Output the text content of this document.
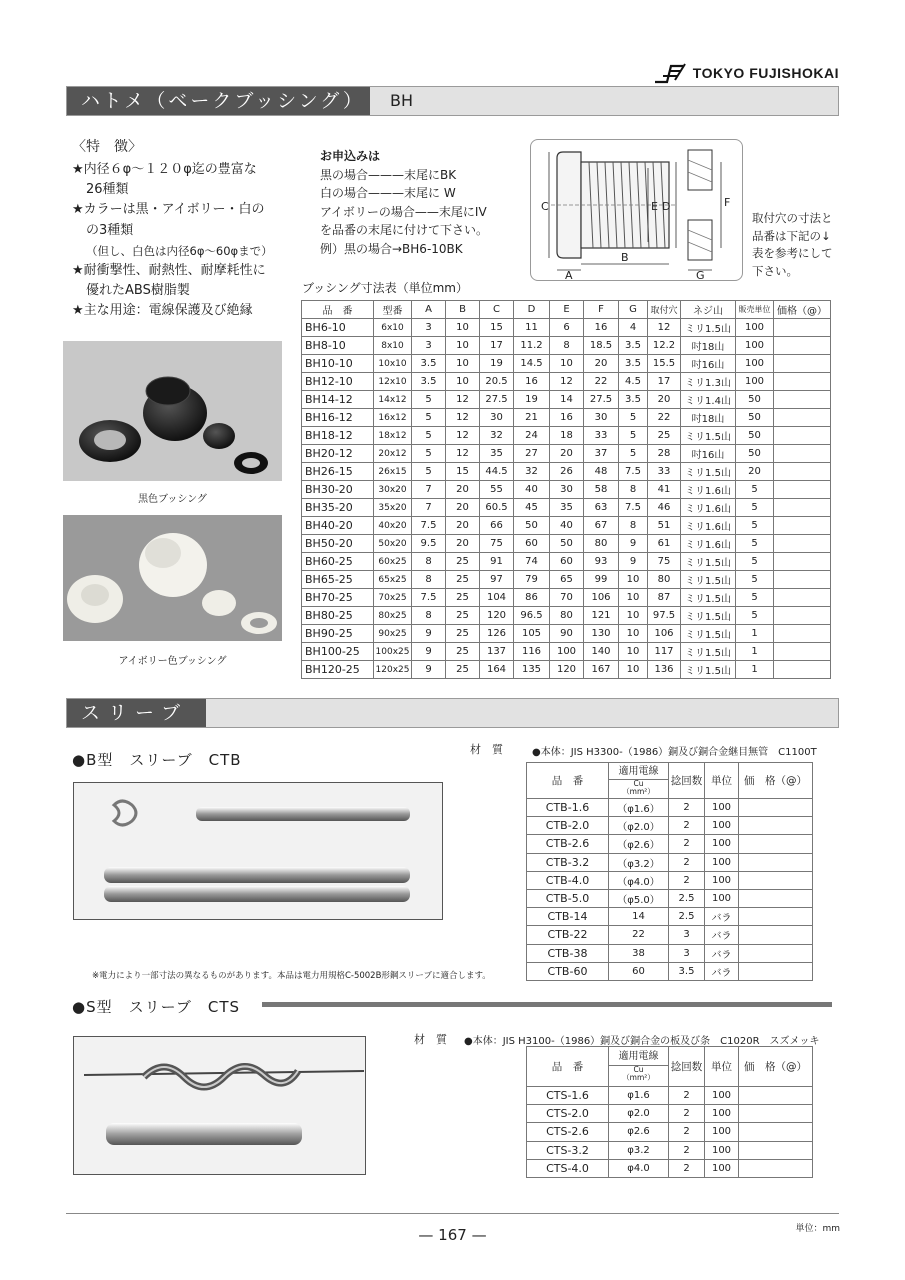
TOKYO FUJISHOKAI
ハトメ（ベークブッシング）	BH
〈特　徴〉
★内径６φ～１２０φ迄の豊富な
26種類
★カラーは黒・アイボリー・白の
の3種類
（但し、白色は内径6φ～60φまで）
★耐衝撃性、耐熱性、耐摩耗性に
優れたABS樹脂製
★主な用途：電線保護及び絶縁
お申込みは
黒の場合———末尾にBK
白の場合———末尾に W
アイボリーの場合——末尾にIV
を品番の末尾に付けて下さい。
例）黒の場合→BH6-10BK
C	E D	F
A
B
G
取付穴の寸法と
品番は下記の↓
表を参考にして
下さい。
黒色ブッシング
アイボリー色ブッシング
ブッシング寸法表（単位mm）
品　番	型番	A	B	C	D	E	F	G	取付穴	ネジ山	販売単位	価格（@）
BH6-10	6x10	3	10	15	11	6	16	4	12	ミリ1.5山	100	
BH8-10	8x10	3	10	17	11.2	8	18.5	3.5	12.2	吋18山	100	
BH10-10	10x10	3.5	10	19	14.5	10	20	3.5	15.5	吋16山	100	
BH12-10	12x10	3.5	10	20.5	16	12	22	4.5	17	ミリ1.3山	100	
BH14-12	14x12	5	12	27.5	19	14	27.5	3.5	20	ミリ1.4山	50	
BH16-12	16x12	5	12	30	21	16	30	5	22	吋18山	50	
BH18-12	18x12	5	12	32	24	18	33	5	25	ミリ1.5山	50	
BH20-12	20x12	5	12	35	27	20	37	5	28	吋16山	50	
BH26-15	26x15	5	15	44.5	32	26	48	7.5	33	ミリ1.5山	20	
BH30-20	30x20	7	20	55	40	30	58	8	41	ミリ1.6山	5	
BH35-20	35x20	7	20	60.5	45	35	63	7.5	46	ミリ1.6山	5	
BH40-20	40x20	7.5	20	66	50	40	67	8	51	ミリ1.6山	5	
BH50-20	50x20	9.5	20	75	60	50	80	9	61	ミリ1.6山	5	
BH60-25	60x25	8	25	91	74	60	93	9	75	ミリ1.5山	5	
BH65-25	65x25	8	25	97	79	65	99	10	80	ミリ1.5山	5	
BH70-25	70x25	7.5	25	104	86	70	106	10	87	ミリ1.5山	5	
BH80-25	80x25	8	25	120	96.5	80	121	10	97.5	ミリ1.5山	5	
BH90-25	90x25	9	25	126	105	90	130	10	106	ミリ1.5山	1	
BH100-25	100x25	9	25	137	116	100	140	10	117	ミリ1.5山	1	
BH120-25	120x25	9	25	164	135	120	167	10	136	ミリ1.5山	1	
スリーブ
●B型　スリーブ　CTB
材　質	●本体：JIS H3300-（1986）銅及び銅合金継目無管　C1100T
品　番	適用電線
Cu
（mm²）	捻回数	単位	価　格（@）
CTB-1.6	（φ1.6）	2	100	
CTB-2.0	（φ2.0）	2	100	
CTB-2.6	（φ2.6）	2	100	
CTB-3.2	（φ3.2）	2	100	
CTB-4.0	（φ4.0）	2	100	
CTB-5.0	（φ5.0）	2.5	100	
CTB-14	14	2.5	バラ	
CTB-22	22	3	バラ	
CTB-38	38	3	バラ	
CTB-60	60	3.5	バラ	
※電力により一部寸法の異なるものがあります。本品は電力用規格C-5002B形鋼スリーブに適合します。
●S型　スリーブ　CTS
材　質 ●本体：JIS H3100-（1986）銅及び銅合金の板及び条　C1020R　スズメッキ
品　番	適用電線
Cu
（mm²）	捻回数	単位	価　格（@）
CTS-1.6	φ1.6	2	100	
CTS-2.0	φ2.0	2	100	
CTS-2.6	φ2.6	2	100	
CTS-3.2	φ3.2	2	100	
CTS-4.0	φ4.0	2	100	
— 167 —	単位：mm
